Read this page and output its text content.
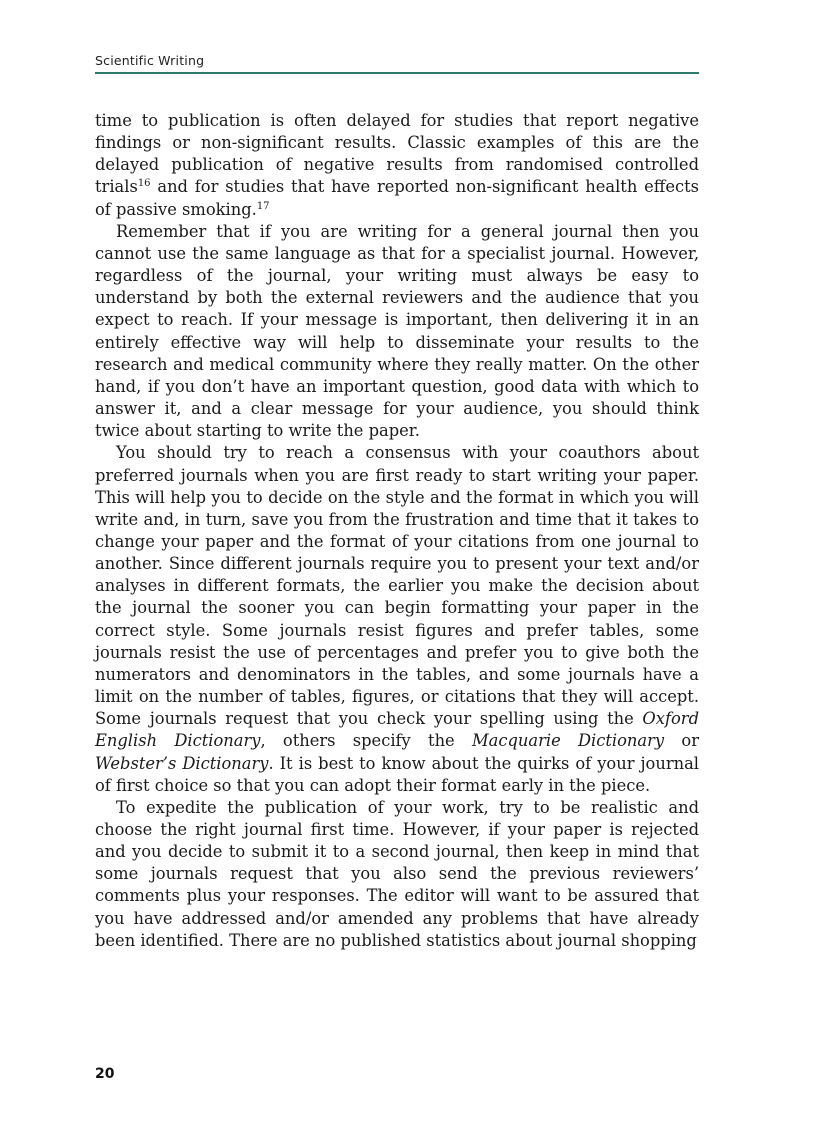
Scientific Writing

time to publication is often delayed for studies that report negative findings or non-significant results. Classic examples of this are the delayed publication of negative results from randomised controlled trials$^{16}$ and for studies that have reported non-significant health effects of passive smoking.$^{17}$

Remember that if you are writing for a general journal then you cannot use the same language as that for a specialist journal. However, regardless of the journal, your writing must always be easy to understand by both the external reviewers and the audience that you expect to reach. If your message is important, then delivering it in an entirely effective way will help to disseminate your results to the research and medical community where they really matter. On the other hand, if you don’t have an important question, good data with which to answer it, and a clear message for your audience, you should think twice about starting to write the paper.

You should try to reach a consensus with your coauthors about preferred journals when you are first ready to start writing your paper. This will help you to decide on the style and the format in which you will write and, in turn, save you from the frustration and time that it takes to change your paper and the format of your citations from one journal to another. Since different journals require you to present your text and/or analyses in different formats, the earlier you make the decision about the journal the sooner you can begin formatting your paper in the correct style. Some journals resist figures and prefer tables, some journals resist the use of percentages and prefer you to give both the numerators and denominators in the tables, and some journals have a limit on the number of tables, figures, or citations that they will accept. Some journals request that you check your spelling using the Oxford English Dictionary, others specify the Macquarie Dictionary or Webster’s Dictionary. It is best to know about the quirks of your journal of first choice so that you can adopt their format early in the piece.

To expedite the publication of your work, try to be realistic and choose the right journal first time. However, if your paper is rejected and you decide to submit it to a second journal, then keep in mind that some journals request that you also send the previous reviewers’ comments plus your responses. The editor will want to be assured that you have addressed and/or amended any problems that have already been identified. There are no published statistics about journal shopping

20
